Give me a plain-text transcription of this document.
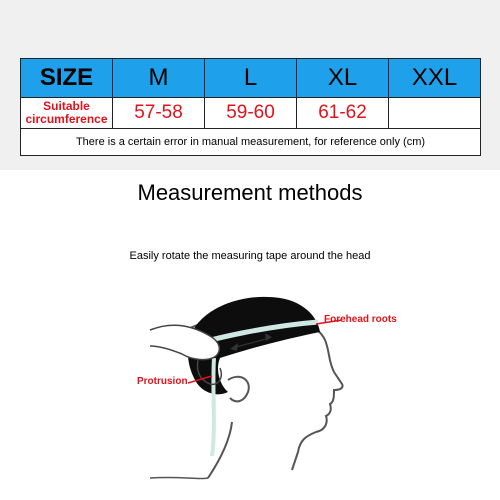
SIZE	M	L	XL	XXL

Suitable
circumference	57-58	59-60	61-62	
There is a certain error in manual measurement, for reference only (cm)				
Measurement methods
Easily rotate the measuring tape around the head
Forehead roots
Protrusion
